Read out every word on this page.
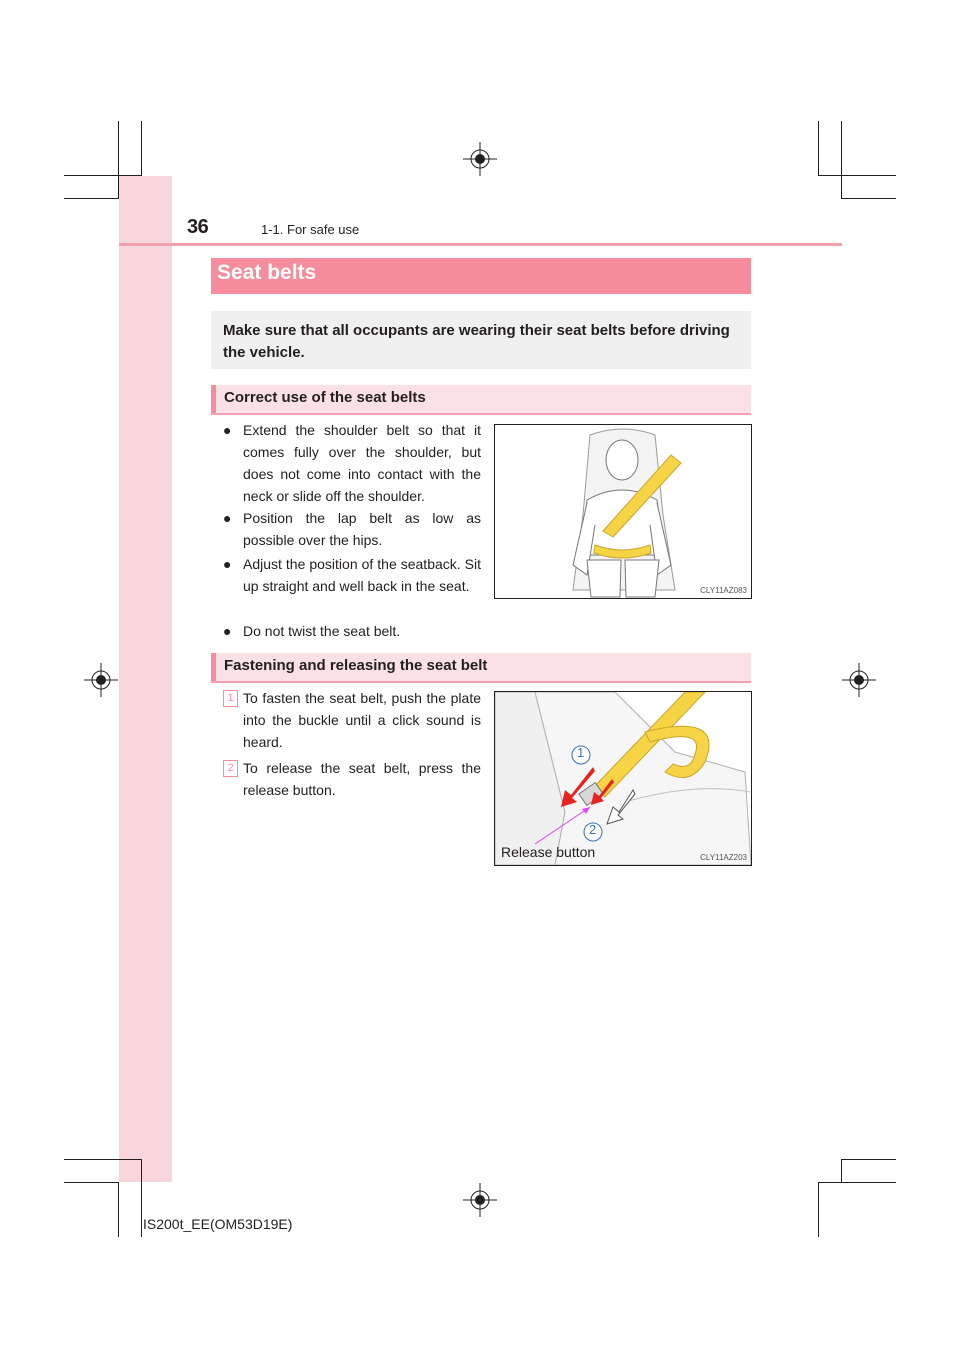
36	1-1. For safe use
Seat belts
Make sure that all occupants are wearing their seat belts before driving the vehicle.
Correct use of the seat belts
● Extend the shoulder belt so that it comes fully over the shoulder, but does not come into contact with the neck or slide off the shoulder.
● Position the lap belt as low as possible over the hips.
● Adjust the position of the seatback. Sit up straight and well back in the seat.
● Do not twist the seat belt.
CLY11AZ083
Fastening and releasing the seat belt
1 To fasten the seat belt, push the plate into the buckle until a click sound is heard.
2 To release the seat belt, press the release button.
1
2
Release button	CLY11AZ203
IS200t_EE(OM53D19E)
